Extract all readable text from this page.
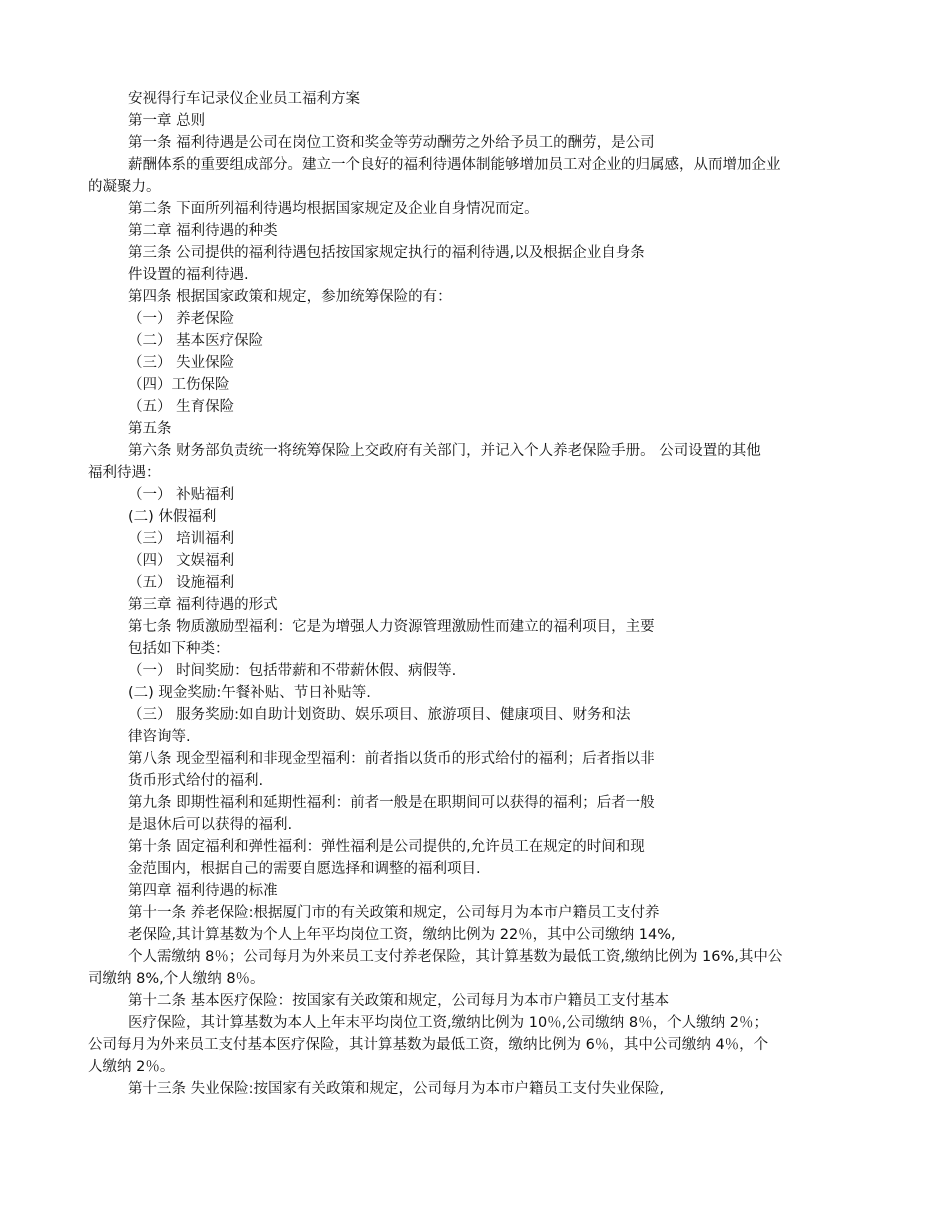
安视得行车记录仪企业员工福利方案
第一章 总则
第一条 福利待遇是公司在岗位工资和奖金等劳动酬劳之外给予员工的酬劳，是公司
薪酬体系的重要组成部分。建立一个良好的福利待遇体制能够增加员工对企业的归属感，从而增加企业
的凝聚力。
第二条 下面所列福利待遇均根据国家规定及企业自身情况而定。
第二章 福利待遇的种类
第三条 公司提供的福利待遇包括按国家规定执行的福利待遇,以及根据企业自身条
件设置的福利待遇.
第四条 根据国家政策和规定，参加统筹保险的有：
（一） 养老保险
（二） 基本医疗保险
（三） 失业保险
（四）工伤保险
（五） 生育保险
第五条
第六条 财务部负责统一将统筹保险上交政府有关部门，并记入个人养老保险手册。 公司设置的其他
福利待遇：
（一） 补贴福利
(二) 休假福利
（三） 培训福利
（四） 文娱福利
（五） 设施福利
第三章 福利待遇的形式
第七条 物质激励型福利：它是为增强人力资源管理激励性而建立的福利项目，主要
包括如下种类：
（一） 时间奖励：包括带薪和不带薪休假、病假等.
(二) 现金奖励:午餐补贴、节日补贴等.
（三） 服务奖励:如自助计划资助、娱乐项目、旅游项目、健康项目、财务和法
律咨询等.
第八条 现金型福利和非现金型福利：前者指以货币的形式给付的福利；后者指以非
货币形式给付的福利.
第九条 即期性福利和延期性福利：前者一般是在职期间可以获得的福利；后者一般
是退休后可以获得的福利.
第十条 固定福利和弹性福利：弹性福利是公司提供的,允许员工在规定的时间和现
金范围内，根据自己的需要自愿选择和调整的福利项目.
第四章 福利待遇的标准
第十一条 养老保险:根据厦门市的有关政策和规定，公司每月为本市户籍员工支付养
老保险,其计算基数为个人上年平均岗位工资，缴纳比例为 22％，其中公司缴纳 14%,
个人需缴纳 8％；公司每月为外来员工支付养老保险，其计算基数为最低工资,缴纳比例为 16%,其中公
司缴纳 8%,个人缴纳 8％。
第十二条 基本医疗保险：按国家有关政策和规定，公司每月为本市户籍员工支付基本
医疗保险，其计算基数为本人上年末平均岗位工资,缴纳比例为 10％,公司缴纳 8％，个人缴纳 2％；
公司每月为外来员工支付基本医疗保险，其计算基数为最低工资，缴纳比例为 6％，其中公司缴纳 4％，个
人缴纳 2％。
第十三条 失业保险:按国家有关政策和规定，公司每月为本市户籍员工支付失业保险,
